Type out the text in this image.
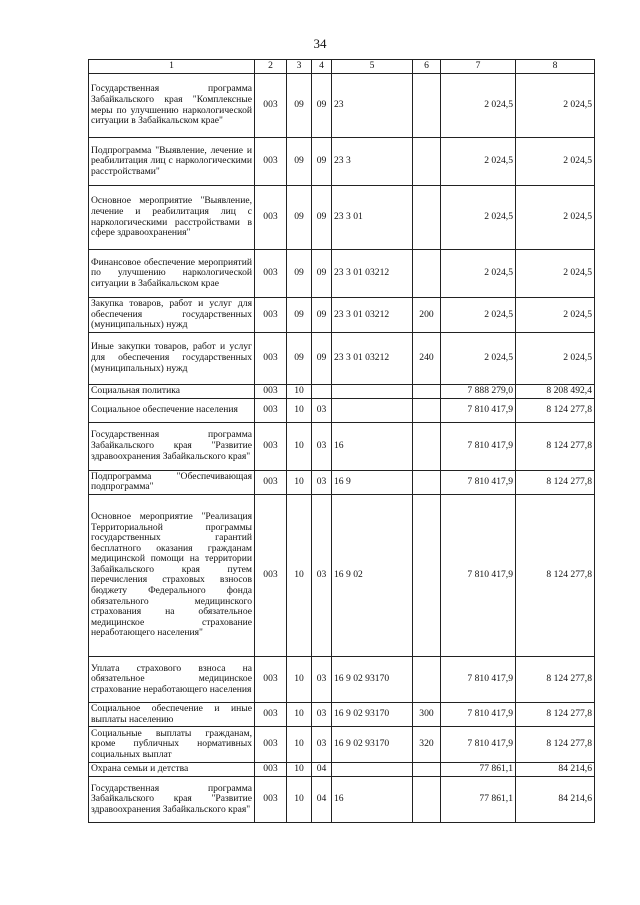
34
1	2	3	4	5	6	7	8
Государственная программа Забайкальского края "Комплексные меры по улучшению наркологической ситуации в Забайкальском крае"	003	09	09	23		2 024,5	2 024,5
Подпрограмма "Выявление, лечение и реабилитация лиц с наркологическими расстройствами"	003	09	09	23 3		2 024,5	2 024,5
Основное мероприятие "Выявление, лечение и реабилитация лиц с наркологическими расстройствами в сфере здравоохранения"	003	09	09	23 3 01		2 024,5	2 024,5
Финансовое обеспечение мероприятий по улучшению наркологической ситуации в Забайкальском крае	003	09	09	23 3 01 03212		2 024,5	2 024,5
Закупка товаров, работ и услуг для обеспечения государственных (муниципальных) нужд	003	09	09	23 3 01 03212	200	2 024,5	2 024,5
Иные закупки товаров, работ и услуг для обеспечения государственных (муниципальных) нужд	003	09	09	23 3 01 03212	240	2 024,5	2 024,5
Социальная политика	003	10				7 888 279,0	8 208 492,4
Социальное обеспечение населения	003	10	03			7 810 417,9	8 124 277,8
Государственная программа Забайкальского края "Развитие здравоохранения Забайкальского края"	003	10	03	16		7 810 417,9	8 124 277,8
Подпрограмма "Обеспечивающая подпрограмма"	003	10	03	16 9		7 810 417,9	8 124 277,8
Основное мероприятие "Реализация Территориальной программы государственных гарантий бесплатного оказания гражданам медицинской помощи на территории Забайкальского края путем перечисления страховых взносов бюджету Федерального фонда обязательного медицинского страхования на обязательное медицинское страхование неработающего населения"	003	10	03	16 9 02		7 810 417,9	8 124 277,8
Уплата страхового взноса на обязательное медицинское страхование неработающего населения	003	10	03	16 9 02 93170		7 810 417,9	8 124 277,8
Социальное обеспечение и иные выплаты населению	003	10	03	16 9 02 93170	300	7 810 417,9	8 124 277,8
Социальные выплаты гражданам, кроме публичных нормативных социальных выплат	003	10	03	16 9 02 93170	320	7 810 417,9	8 124 277,8
Охрана семьи и детства	003	10	04			77 861,1	84 214,6
Государственная программа Забайкальского края "Развитие здравоохранения Забайкальского края"	003	10	04	16		77 861,1	84 214,6
